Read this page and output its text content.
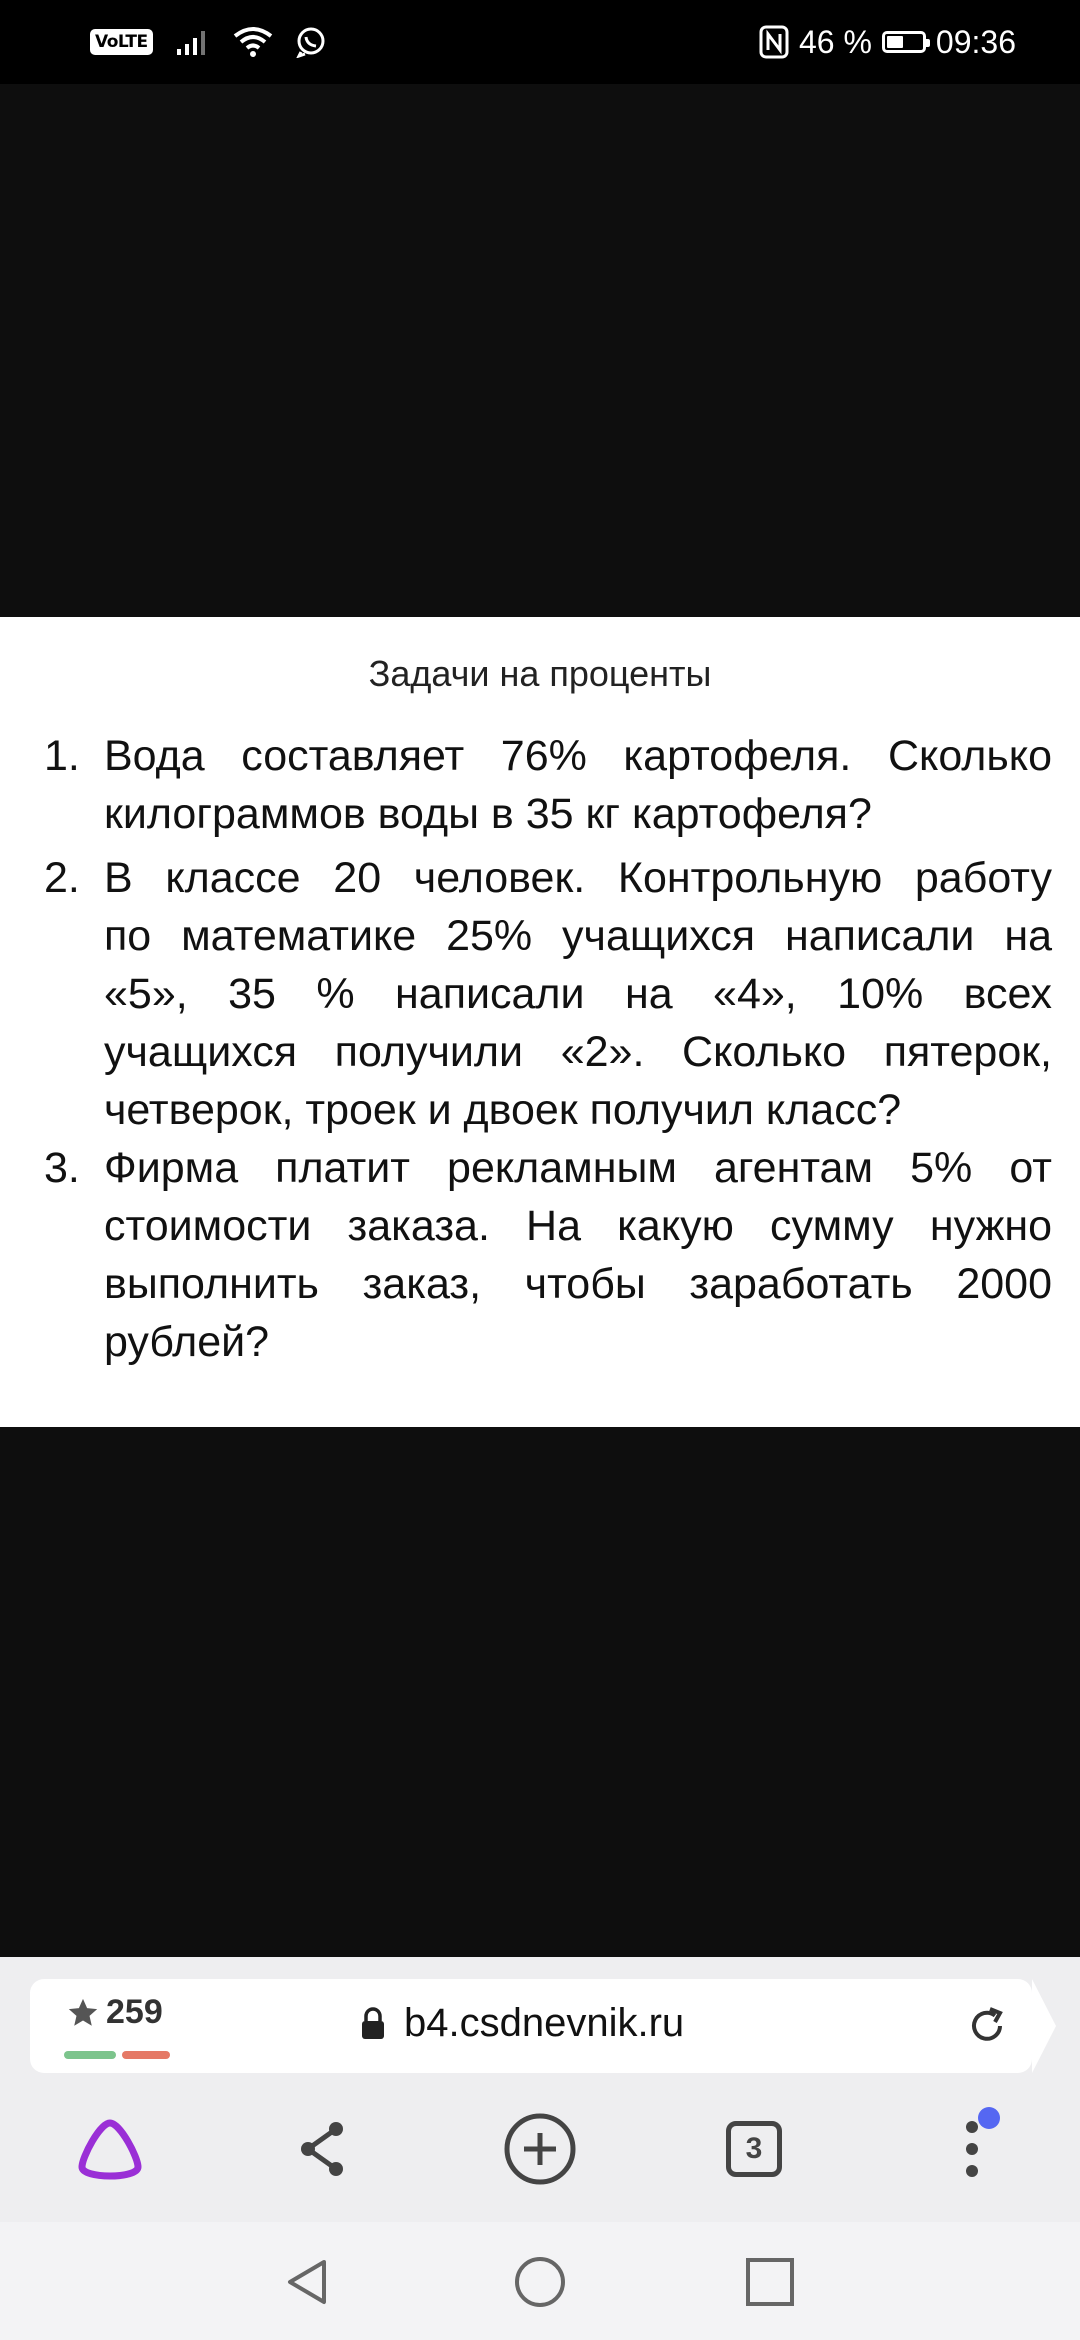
VoLTE	46 % 09:36
Задачи на проценты
1. Вода составляет 76% картофеля. Сколько
килограммов воды в 35 кг картофеля?
2. В классе 20 человек. Контрольную работу
по математике 25% учащихся написали на
«5», 35 % написали на «4», 10% всех
учащихся получили «2». Сколько пятерок,
четверок, троек и двоек получил класс?
3. Фирма платит рекламным агентам 5% от
стоимости заказа. На какую сумму нужно
выполнить заказ, чтобы заработать 2000
рублей?
259	b4.csdnevnik.ru
3
